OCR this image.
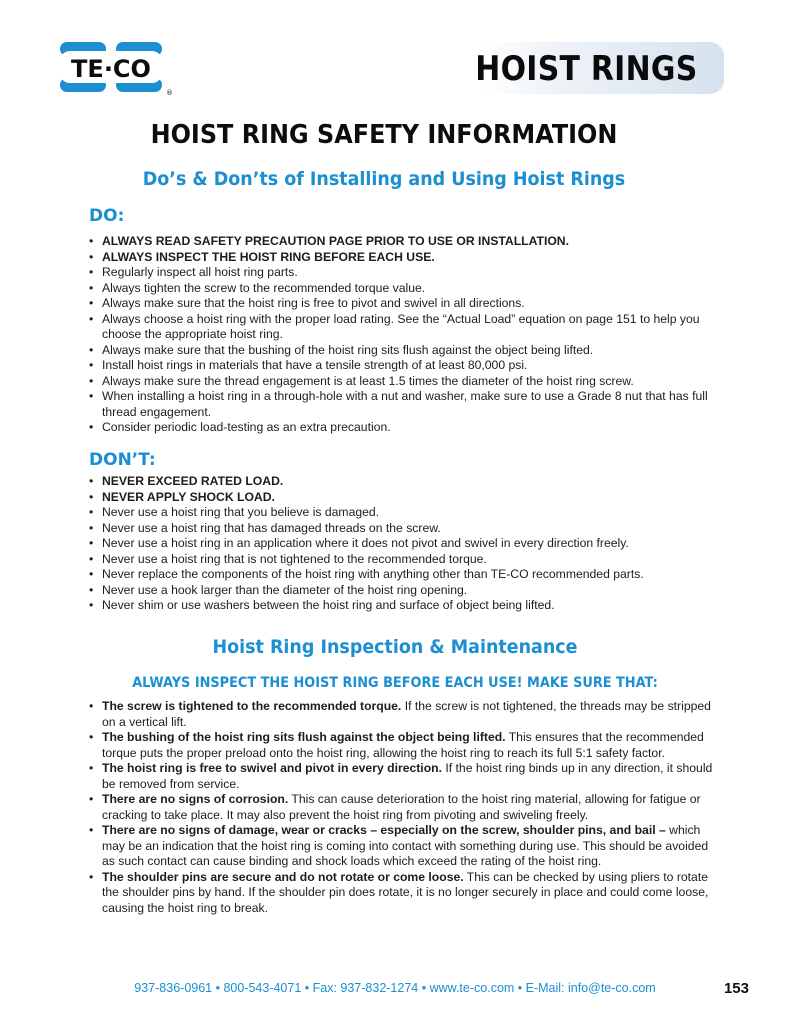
TE·CO
®
HOIST RINGS
HOIST RING SAFETY INFORMATION
Do’s & Don’ts of Installing and Using Hoist Rings
DO:
• ALWAYS READ SAFETY PRECAUTION PAGE PRIOR TO USE OR INSTALLATION.
• ALWAYS INSPECT THE HOIST RING BEFORE EACH USE.
• Regularly inspect all hoist ring parts.
• Always tighten the screw to the recommended torque value.
• Always make sure that the hoist ring is free to pivot and swivel in all directions.
• Always choose a hoist ring with the proper load rating. See the “Actual Load” equation on page 151 to help you choose the appropriate hoist ring.
• Always make sure that the bushing of the hoist ring sits flush against the object being lifted.
• Install hoist rings in materials that have a tensile strength of at least 80,000 psi.
• Always make sure the thread engagement is at least 1.5 times the diameter of the hoist ring screw.
• When installing a hoist ring in a through-hole with a nut and washer, make sure to use a Grade 8 nut that has full thread engagement.
• Consider periodic load-testing as an extra precaution.
DON’T:
• NEVER EXCEED RATED LOAD.
• NEVER APPLY SHOCK LOAD.
• Never use a hoist ring that you believe is damaged.
• Never use a hoist ring that has damaged threads on the screw.
• Never use a hoist ring in an application where it does not pivot and swivel in every direction freely.
• Never use a hoist ring that is not tightened to the recommended torque.
• Never replace the components of the hoist ring with anything other than TE-CO recommended parts.
• Never use a hook larger than the diameter of the hoist ring opening.
• Never shim or use washers between the hoist ring and surface of object being lifted.
Hoist Ring Inspection & Maintenance
ALWAYS INSPECT THE HOIST RING BEFORE EACH USE! MAKE SURE THAT:
• The screw is tightened to the recommended torque. If the screw is not tightened, the threads may be stripped on a vertical lift.
• The bushing of the hoist ring sits flush against the object being lifted. This ensures that the recommended torque puts the proper preload onto the hoist ring, allowing the hoist ring to reach its full 5:1 safety factor.
• The hoist ring is free to swivel and pivot in every direction. If the hoist ring binds up in any direction, it should be removed from service.
• There are no signs of corrosion. This can cause deterioration to the hoist ring material, allowing for fatigue or cracking to take place. It may also prevent the hoist ring from pivoting and swiveling freely.
• There are no signs of damage, wear or cracks – especially on the screw, shoulder pins, and bail – which may be an indication that the hoist ring is coming into contact with something during use. This should be avoided as such contact can cause binding and shock loads which exceed the rating of the hoist ring.
• The shoulder pins are secure and do not rotate or come loose. This can be checked by using pliers to rotate the shoulder pins by hand. If the shoulder pin does rotate, it is no longer securely in place and could come loose, causing the hoist ring to break.
937-836-0961 • 800-543-4071 • Fax: 937-832-1274 • www.te-co.com • E-Mail: info@te-co.com	153
